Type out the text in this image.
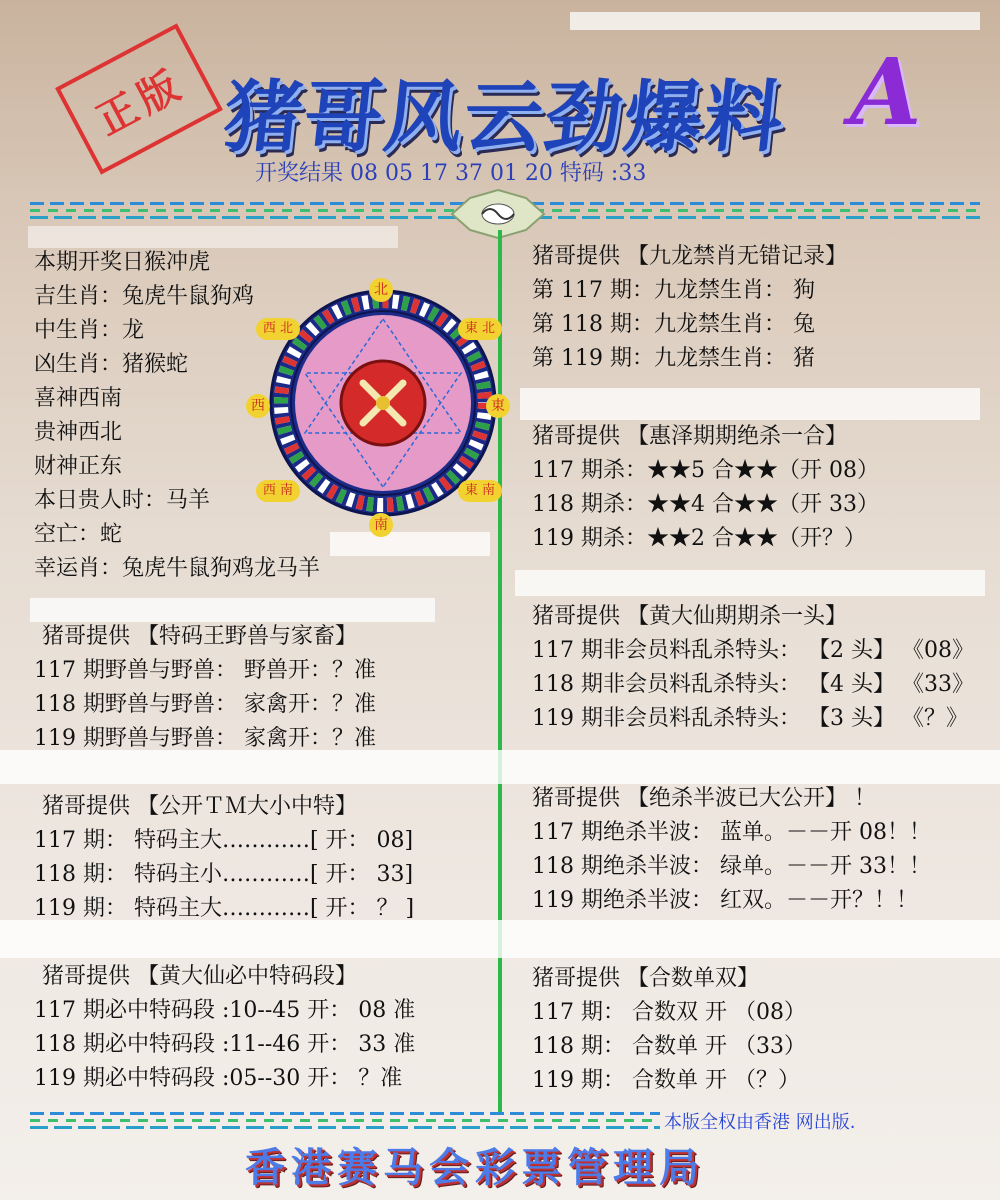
正版 猪哥风云劲爆料 A
开奖结果 08 05 17 37 01 20 特码 :33
本期开奖日猴冲虎
吉生肖：兔虎牛鼠狗鸡
中生肖：龙
凶生肖：猪猴蛇
喜神西南
贵神西北
财神正东
本日贵人时：马羊
空亡：蛇
幸运肖：兔虎牛鼠狗鸡龙马羊
北
南
西	東
西 北	東 北
西 南	東 南
猪哥提供 【特码王野兽与家畜】
117 期野兽与野兽： 野兽开：？准
118 期野兽与野兽： 家禽开：？准
119 期野兽与野兽： 家禽开：？准
猪哥提供 【公开ＴＭ大小中特】
117 期： 特码主大…………[ 开： 08]
118 期： 特码主小…………[ 开： 33]
119 期： 特码主大…………[ 开： ？ ]
猪哥提供 【黄大仙必中特码段】
117 期必中特码段 :10--45 开： 08 准
118 期必中特码段 :11--46 开： 33 准
119 期必中特码段 :05--30 开： ？准
猪哥提供 【九龙禁肖无错记录】
第 117 期：九龙禁生肖： 狗
第 118 期：九龙禁生肖： 兔
第 119 期：九龙禁生肖： 猪
猪哥提供 【惠泽期期绝杀一合】
117 期杀：★★5 合★★（开 08）
118 期杀：★★4 合★★（开 33）
119 期杀：★★2 合★★（开？）
猪哥提供 【黄大仙期期杀一头】
117 期非会员料乱杀特头： 【2 头】 《08》
118 期非会员料乱杀特头： 【4 头】 《33》
119 期非会员料乱杀特头： 【3 头】 《？》
猪哥提供 【绝杀半波已大公开】 ！
117 期绝杀半波： 蓝单。－－开 08！！
118 期绝杀半波： 绿单。－－开 33！！
119 期绝杀半波： 红双。－－开？！！
猪哥提供 【合数单双】
117 期： 合数双 开 （08）
118 期： 合数单 开 （33）
119 期： 合数单 开 （？）
本版全权由香港 网出版.
香港赛马会彩票管理局
